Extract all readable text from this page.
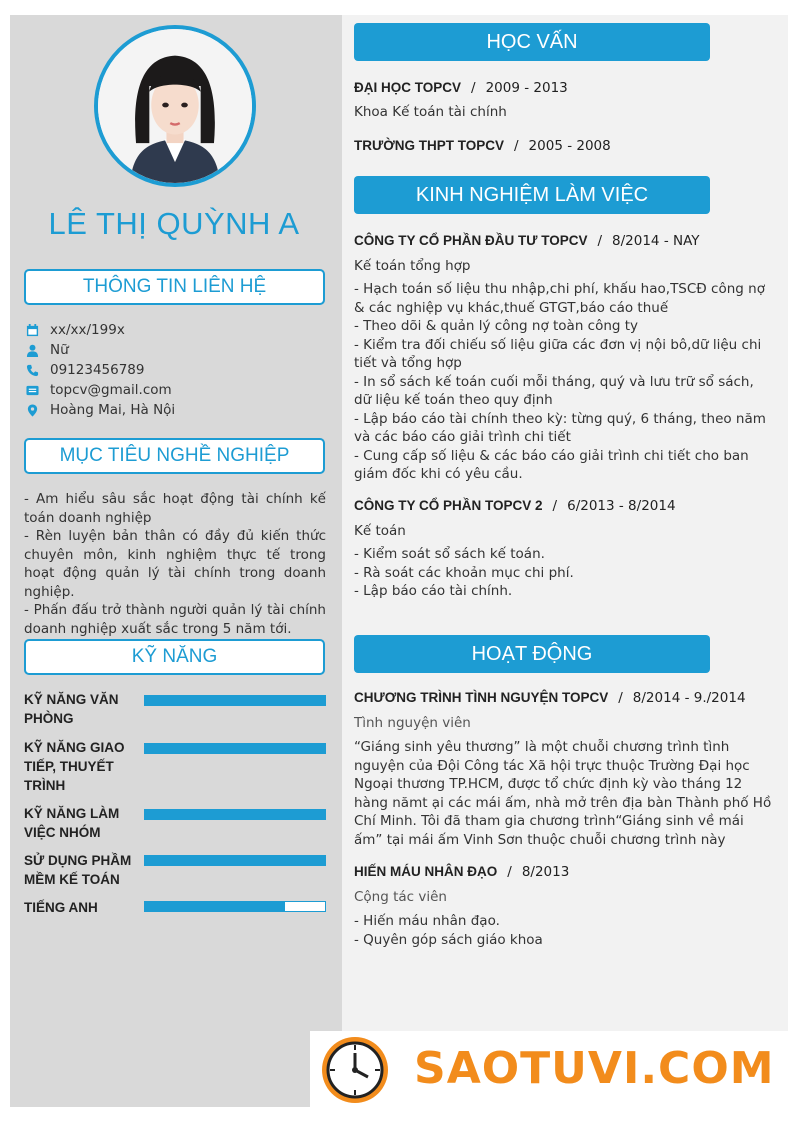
LÊ THỊ QUỲNH A
THÔNG TIN LIÊN HỆ
xx/xx/199x
Nữ
09123456789
topcv@gmail.com
Hoàng Mai, Hà Nội
MỤC TIÊU NGHỀ NGHIỆP
- Am hiểu sâu sắc hoạt động tài chính kế toán doanh nghiệp
- Rèn luyện bản thân có đầy đủ kiến thức chuyên môn, kinh nghiệm thực tế trong hoạt động quản lý tài chính trong doanh nghiệp.
- Phấn đấu trở thành người quản lý tài chính doanh nghiệp xuất sắc trong 5 năm tới.
KỸ NĂNG
KỸ NĂNG VĂN PHÒNG
KỸ NĂNG GIAO TIẾP, THUYẾT TRÌNH
KỸ NĂNG LÀM VIỆC NHÓM
SỬ DỤNG PHẦM MỀM KẾ TOÁN
TIẾNG ANH
HỌC VẤN
ĐẠI HỌC TOPCV / 2009 - 2013
Khoa Kế toán tài chính
TRƯỜNG THPT TOPCV / 2005 - 2008
KINH NGHIỆM LÀM VIỆC
CÔNG TY CỔ PHẦN ĐẦU TƯ TOPCV / 8/2014 - NAY
Kế toán tổng hợp
- Hạch toán số liệu thu nhập,chi phí, khấu hao,TSCĐ công nợ & các nghiệp vụ khác,thuế GTGT,báo cáo thuế
- Theo dõi & quản lý công nợ toàn công ty
- Kiểm tra đối chiếu số liệu giữa các đơn vị nội bô,dữ liệu chi tiết và tổng hợp
- In sổ sách kế toán cuối mỗi tháng, quý và lưu trữ sổ sách, dữ liệu kế toán theo quy định
- Lập báo cáo tài chính theo kỳ: từng quý, 6 tháng, theo năm và các báo cáo giải trình chi tiết
- Cung cấp số liệu & các báo cáo giải trình chi tiết cho ban giám đốc khi có yêu cầu.
CÔNG TY CỔ PHẦN TOPCV 2 / 6/2013 - 8/2014
Kế toán
- Kiểm soát sổ sách kế toán.
- Rà soát các khoản mục chi phí.
- Lập báo cáo tài chính.
HOẠT ĐỘNG
CHƯƠNG TRÌNH TÌNH NGUYỆN TOPCV / 8/2014 - 9./2014
Tình nguyện viên
“Giáng sinh yêu thương” là một chuỗi chương trình tình nguyện của Đội Công tác Xã hội trực thuộc Trường Đại học Ngoại thương TP.HCM, được tổ chức định kỳ vào tháng 12 hàng nămt ại các mái ấm, nhà mở trên địa bàn Thành phố Hồ Chí Minh. Tôi đã tham gia chương trình“Giáng sinh về mái ấm” tại mái ấm Vinh Sơn thuộc chuỗi chương trình này
HIẾN MÁU NHÂN ĐẠO / 8/2013
Cộng tác viên
- Hiến máu nhân đạo.
- Quyên góp sách giáo khoa
SAOTUVI.COM
